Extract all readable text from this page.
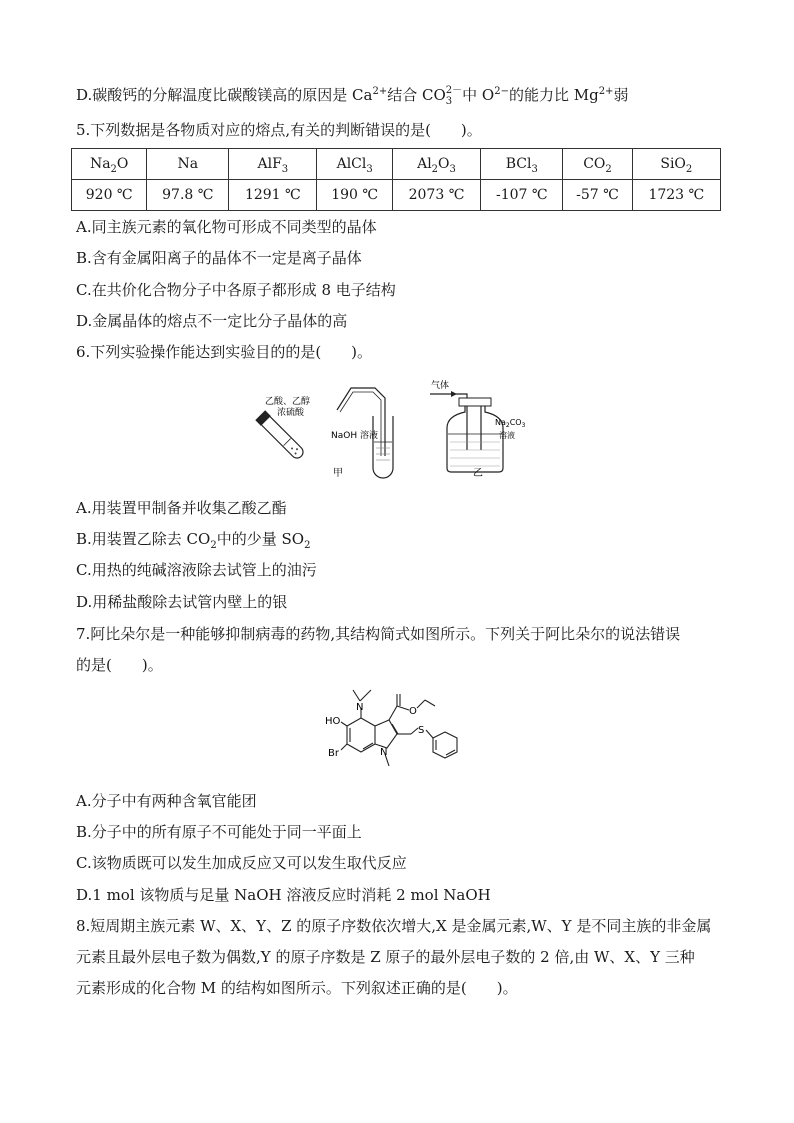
D.碳酸钙的分解温度比碳酸镁高的原因是 $Ca^{2+}$结合 CO 2－
3 中 $O^{2-}$的能力比 $Mg^{2+}$弱
5.下列数据是各物质对应的熔点,有关的判断错误的是(　　)。
$Na_2O$	Na	AlF$_3$	AlCl$_3$	$Al_2O_3$	BCl$_3$	$CO_2$	SiO$_2$
920 ℃	97.8 ℃	1291 ℃	190 ℃	2073 ℃	-107 ℃	-57 ℃	1723 ℃
A.同主族元素的氧化物可形成不同类型的晶体
B.含有金属阳离子的晶体不一定是离子晶体
C.在共价化合物分子中各原子都形成 8 电子结构
D.金属晶体的熔点不一定比分子晶体的高
6.下列实验操作能达到实验目的的是(　　)。
乙酸、乙醇
浓硫酸
NaOH 溶液
甲
气体
$Na_2CO_3$
溶液
乙
A.用装置甲制备并收集乙酸乙酯
B.用装置乙除去 $CO_2$中的少量 $SO_2$
C.用热的纯碱溶液除去试管上的油污
D.用稀盐酸除去试管内壁上的银
7.阿比朵尔是一种能够抑制病毒的药物,其结构简式如图所示。下列关于阿比朵尔的说法错误
的是(　　)。
N
HO
O
Br
S
N
A.分子中有两种含氧官能团
B.分子中的所有原子不可能处于同一平面上
C.该物质既可以发生加成反应又可以发生取代反应
D.1 mol 该物质与足量 NaOH 溶液反应时消耗 2 mol NaOH
8.短周期主族元素 W、X、Y、Z 的原子序数依次增大,X 是金属元素,W、Y 是不同主族的非金属
元素且最外层电子数为偶数,Y 的原子序数是 Z 原子的最外层电子数的 2 倍,由 W、X、Y 三种
元素形成的化合物 M 的结构如图所示。下列叙述正确的是(　　)。
